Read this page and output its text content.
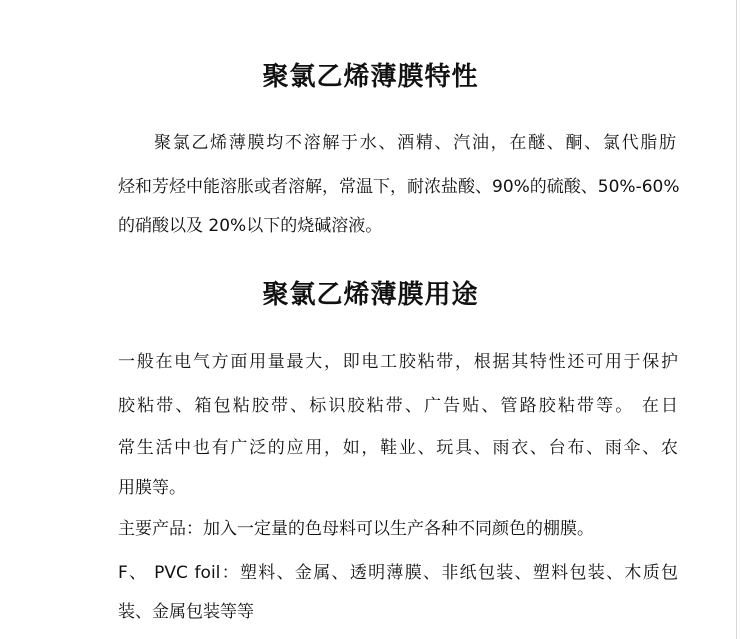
聚氯乙烯薄膜特性

聚氯乙烯薄膜均不溶解于水、酒精、汽油，在醚、酮、氯代脂肪

烃和芳烃中能溶胀或者溶解，常温下，耐浓盐酸、90%的硫酸、50%-60%

的硝酸以及 20%以下的烧碱溶液。

聚氯乙烯薄膜用途

一般在电气方面用量最大，即电工胶粘带，根据其特性还可用于保护

胶粘带、箱包粘胶带、标识胶粘带、广告贴、管路胶粘带等。 在日

常生活中也有广泛的应用，如，鞋业、玩具、雨衣、台布、雨伞、农

用膜等。

主要产品：加入一定量的色母料可以生产各种不同颜色的棚膜。

F、 PVC foil：塑料、金属、透明薄膜、非纸包装、塑料包装、木质包

装、金属包装等等
